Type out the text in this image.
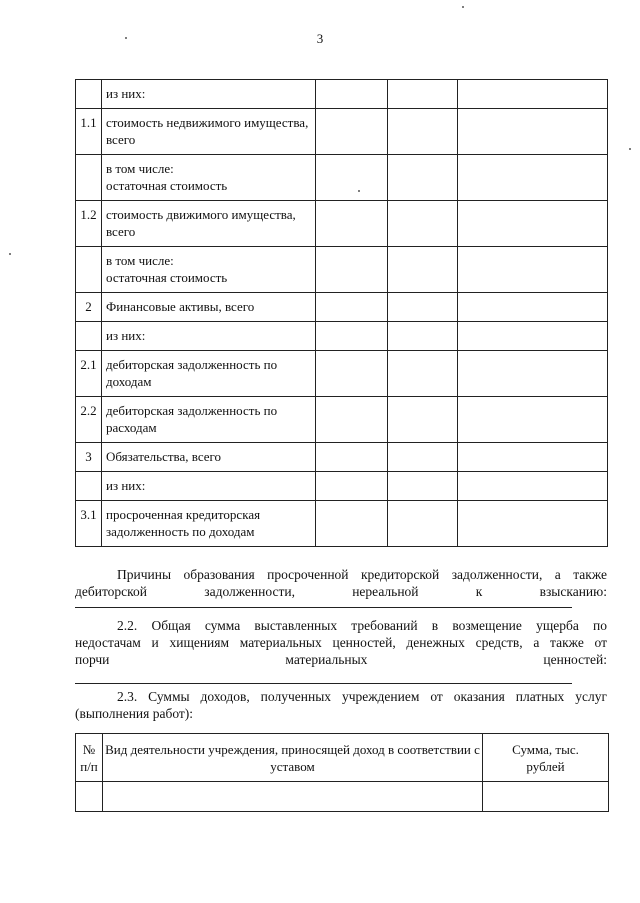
3
	из них:			
1.1	стоимость недвижимого имущества, всего			
	в том числе:
остаточная стоимость			
1.2	стоимость движимого имущества, всего			
	в том числе:
остаточная стоимость			
2	Финансовые активы, всего			
	из них:			
2.1	дебиторская задолженность по доходам			
2.2	дебиторская задолженность по расходам			
3	Обязательства, всего			
	из них:			
3.1	просроченная кредиторская задолженность по доходам			
Причины образования просроченной кредиторской задолженности, а также
дебиторской задолженности, нереальной к взысканию:
2.2. Общая сумма выставленных требований в возмещение ущерба по
недостачам и хищениям материальных ценностей, денежных средств, а также от
порчи материальных ценностей:
2.3. Суммы доходов, полученных учреждением от оказания платных услуг
(выполнения работ):
№
п/п	Вид деятельности учреждения, приносящей доход в соответствии с уставом	Сумма, тыс.
рублей
